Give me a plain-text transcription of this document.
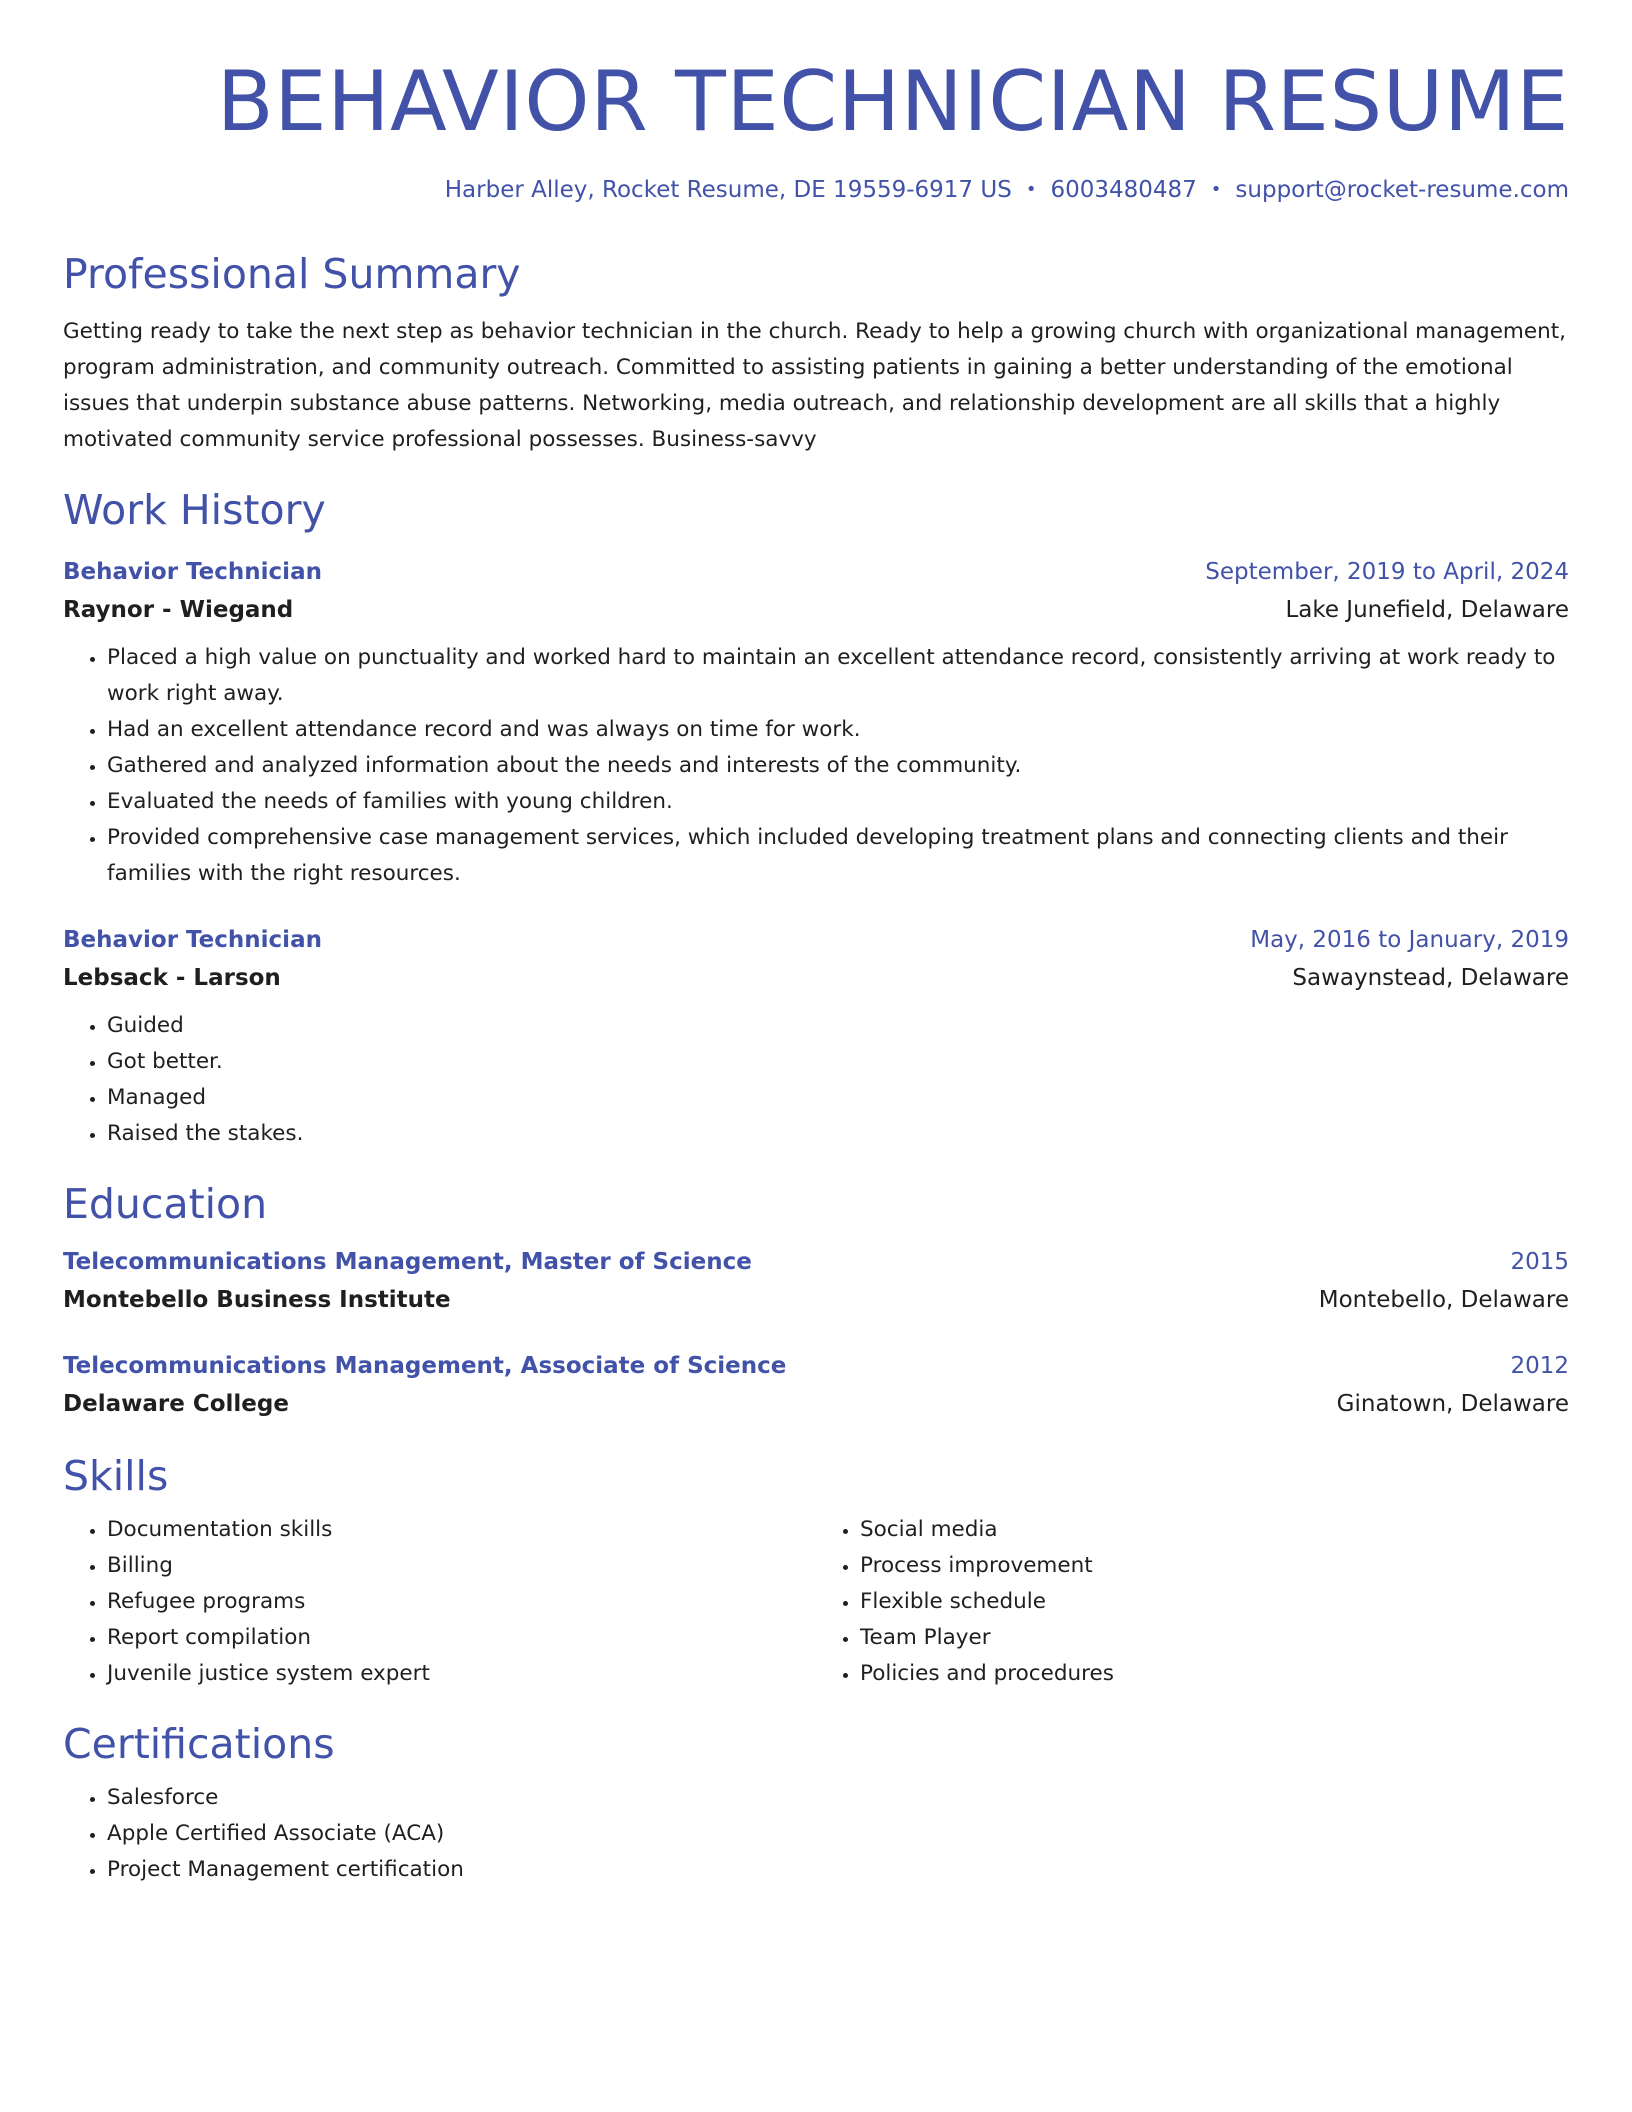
BEHAVIOR TECHNICIAN RESUME
Harber Alley, Rocket Resume, DE 19559-6917 US • 6003480487 • support@rocket-resume.com
Professional Summary
Getting ready to take the next step as behavior technician in the church. Ready to help a growing church with organizational management, program administration, and community outreach. Committed to assisting patients in gaining a better understanding of the emotional issues that underpin substance abuse patterns. Networking, media outreach, and relationship development are all skills that a highly motivated community service professional possesses. Business-savvy
Work History
Behavior Technician	September, 2019 to April, 2024
Raynor - Wiegand	Lake Junefield, Delaware
• Placed a high value on punctuality and worked hard to maintain an excellent attendance record, consistently arriving at work ready to work right away.
• Had an excellent attendance record and was always on time for work.
• Gathered and analyzed information about the needs and interests of the community.
• Evaluated the needs of families with young children.
• Provided comprehensive case management services, which included developing treatment plans and connecting clients and their families with the right resources.
Behavior Technician	May, 2016 to January, 2019
Lebsack - Larson	Sawaynstead, Delaware
• Guided
• Got better.
• Managed
• Raised the stakes.
Education
Telecommunications Management, Master of Science	2015
Montebello Business Institute	Montebello, Delaware
Telecommunications Management, Associate of Science	2012
Delaware College	Ginatown, Delaware
Skills
• Documentation skills
• Billing
• Refugee programs
• Report compilation
• Juvenile justice system expert
• Social media
• Process improvement
• Flexible schedule
• Team Player
• Policies and procedures
Certifications
• Salesforce
• Apple Certified Associate (ACA)
• Project Management certification
